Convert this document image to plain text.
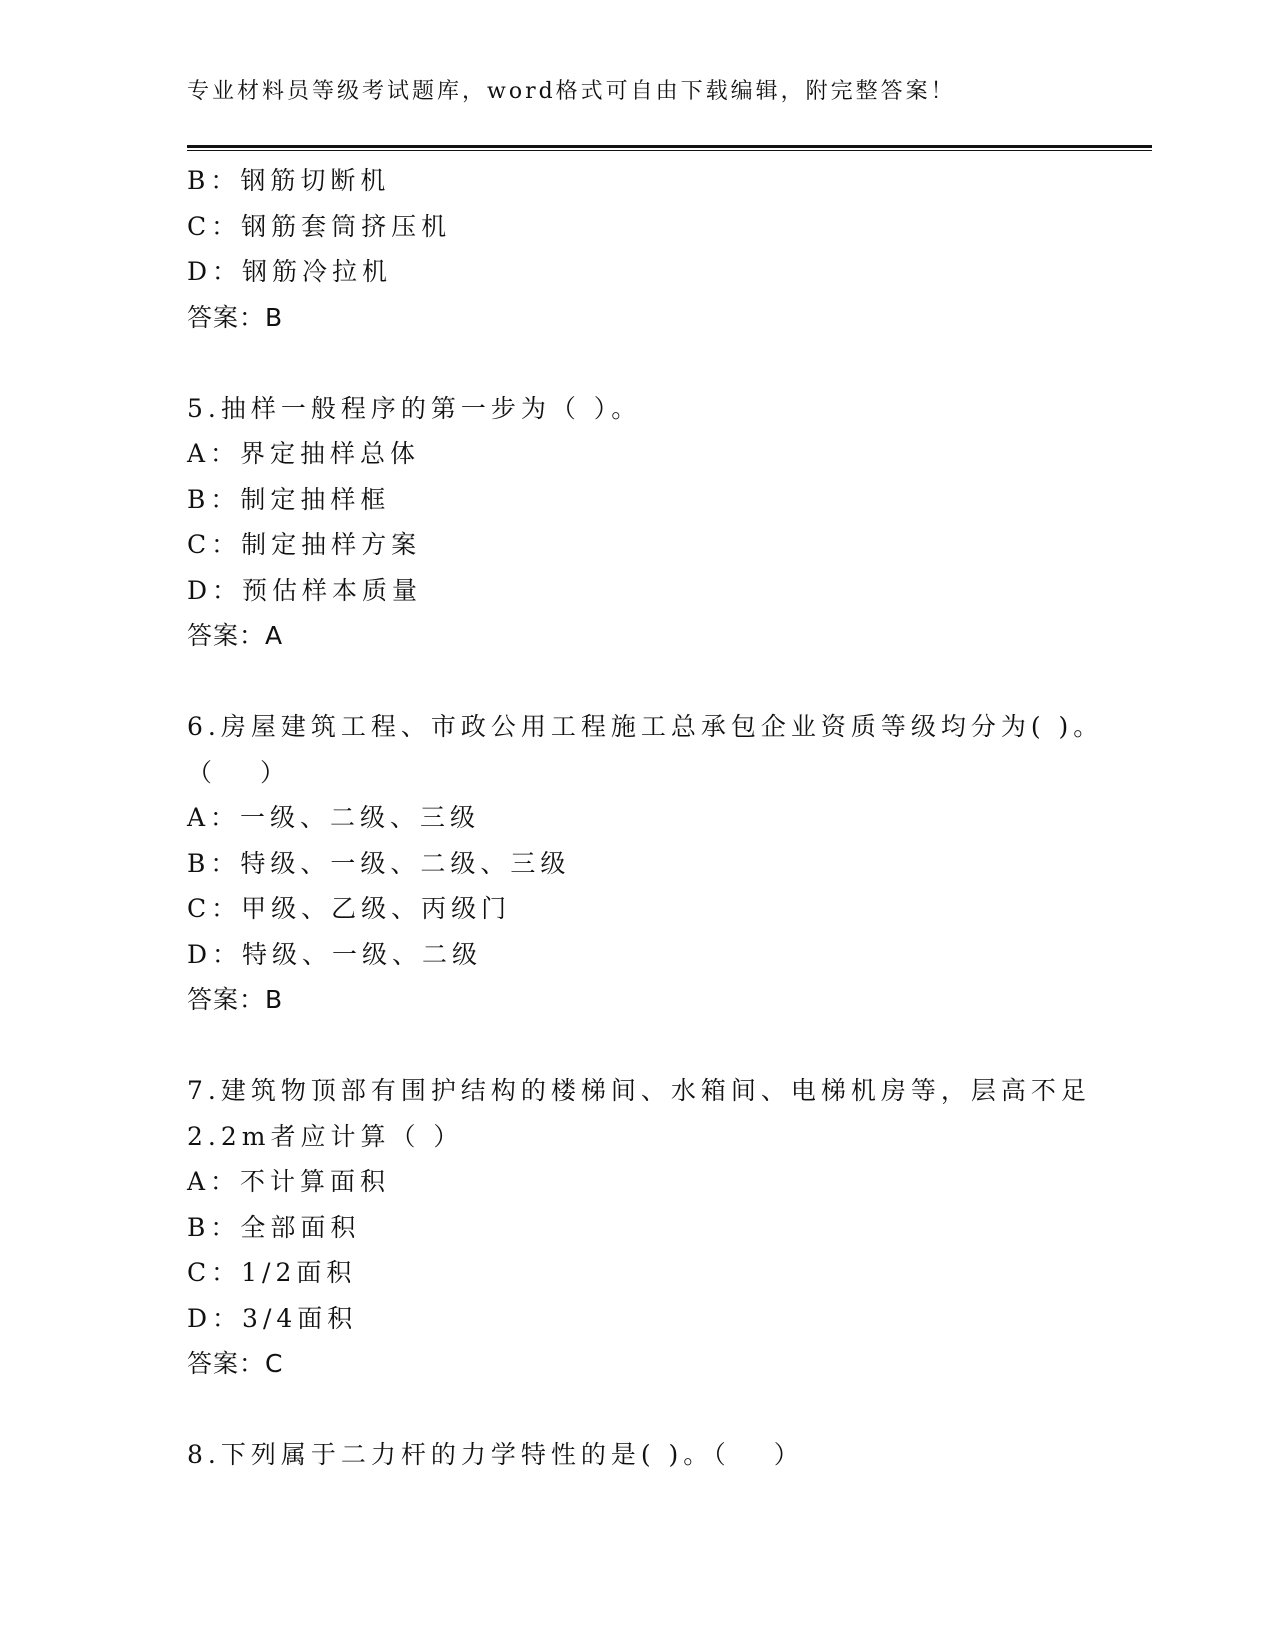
专业材料员等级考试题库，word格式可自由下载编辑，附完整答案！
B：钢筋切断机
C：钢筋套筒挤压机
D：钢筋冷拉机
答案：B
5.抽样一般程序的第一步为（ ）。
A：界定抽样总体
B：制定抽样框
C：制定抽样方案
D：预估样本质量
答案：A
6.房屋建筑工程、市政公用工程施工总承包企业资质等级均分为( )。
（　 ）
A：一级、二级、三级
B：特级、一级、二级、三级
C：甲级、乙级、丙级门
D：特级、一级、二级
答案：B
7.建筑物顶部有围护结构的楼梯间、水箱间、电梯机房等，层高不足
2.2m者应计算（ ）
A：不计算面积
B：全部面积
C：1/2面积
D：3/4面积
答案：C
8.下列属于二力杆的力学特性的是( )。（　 ）
